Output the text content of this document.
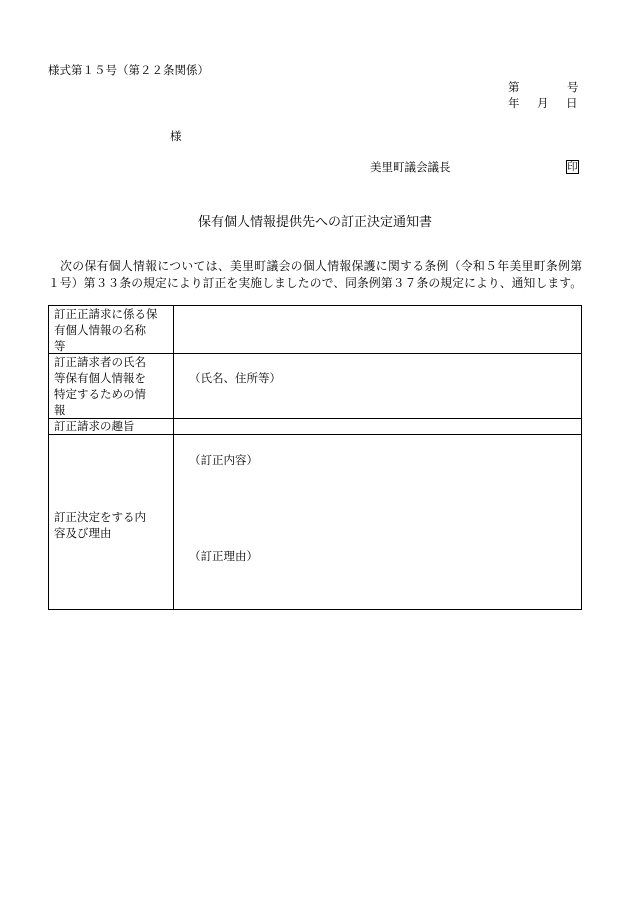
様式第１５号（第２２条関係）
第　　　　号
年　月　日
様
美里町議会議長	印
保有個人情報提供先への訂正決定通知書
　次の保有個人情報については、美里町議会の個人情報保護に関する条例（令和５年美里町条例第
１号）第３３条の規定により訂正を実施しましたので、同条例第３７条の規定により、通知します。
訂正正請求に係る保
有個人情報の名称
等
訂正請求者の氏名
等保有個人情報を
特定するための情
報

（氏名、住所等）

訂正請求の趣旨
訂正決定をする内
容及び理由

（訂正内容）

（訂正理由）
